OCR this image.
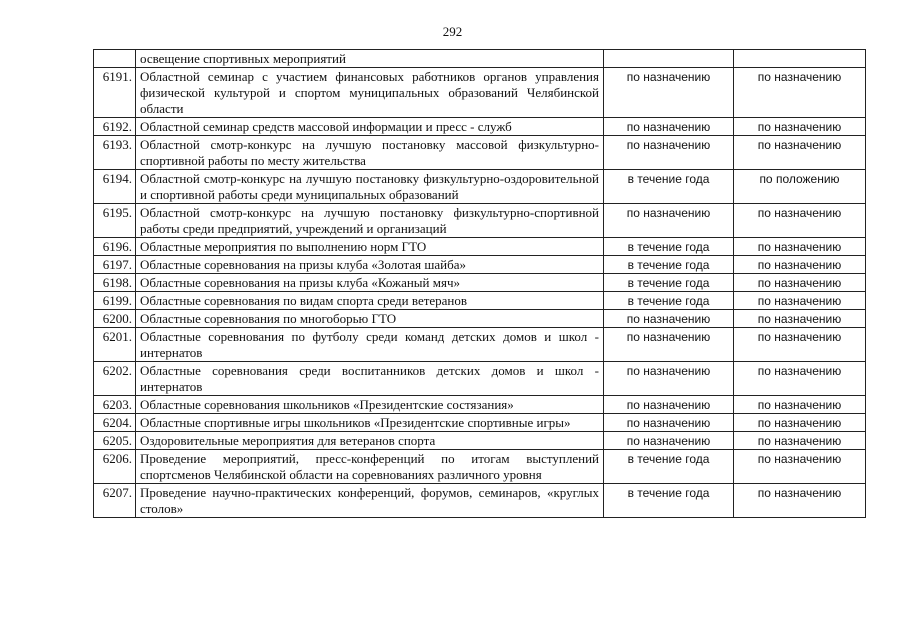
292
	освещение спортивных мероприятий		
6191.	Областной семинар с участием финансовых работников органов управления физической культурой и спортом муниципальных образований Челябинской области	по назначению	по назначению
6192.	Областной семинар средств массовой информации и пресс - служб	по назначению	по назначению
6193.	Областной смотр-конкурс на лучшую постановку массовой физкультурно-спортивной работы по месту жительства	по назначению	по назначению
6194.	Областной смотр-конкурс на лучшую постановку физкультурно-оздоровительной и спортивной работы среди муниципальных образований	в течение года	по положению
6195.	Областной смотр-конкурс на лучшую постановку физкультурно-спортивной работы среди предприятий, учреждений и организаций	по назначению	по назначению
6196.	Областные мероприятия по выполнению норм ГТО	в течение года	по назначению
6197.	Областные соревнования на призы клуба «Золотая шайба»	в течение года	по назначению
6198.	Областные соревнования на призы клуба «Кожаный мяч»	в течение года	по назначению
6199.	Областные соревнования по видам спорта среди ветеранов	в течение года	по назначению
6200.	Областные соревнования по многоборью ГТО	по назначению	по назначению
6201.	Областные соревнования по футболу среди команд детских домов и школ - интернатов	по назначению	по назначению
6202.	Областные соревнования среди воспитанников детских домов и школ - интернатов	по назначению	по назначению
6203.	Областные соревнования школьников «Президентские состязания»	по назначению	по назначению
6204.	Областные спортивные игры школьников «Президентские спортивные игры»	по назначению	по назначению
6205.	Оздоровительные мероприятия для ветеранов спорта	по назначению	по назначению
6206.	Проведение мероприятий, пресс-конференций по итогам выступлений спортсменов Челябинской области на соревнованиях различного уровня	в течение года	по назначению
6207.	Проведение научно-практических конференций, форумов, семинаров, «круглых столов»	в течение года	по назначению
